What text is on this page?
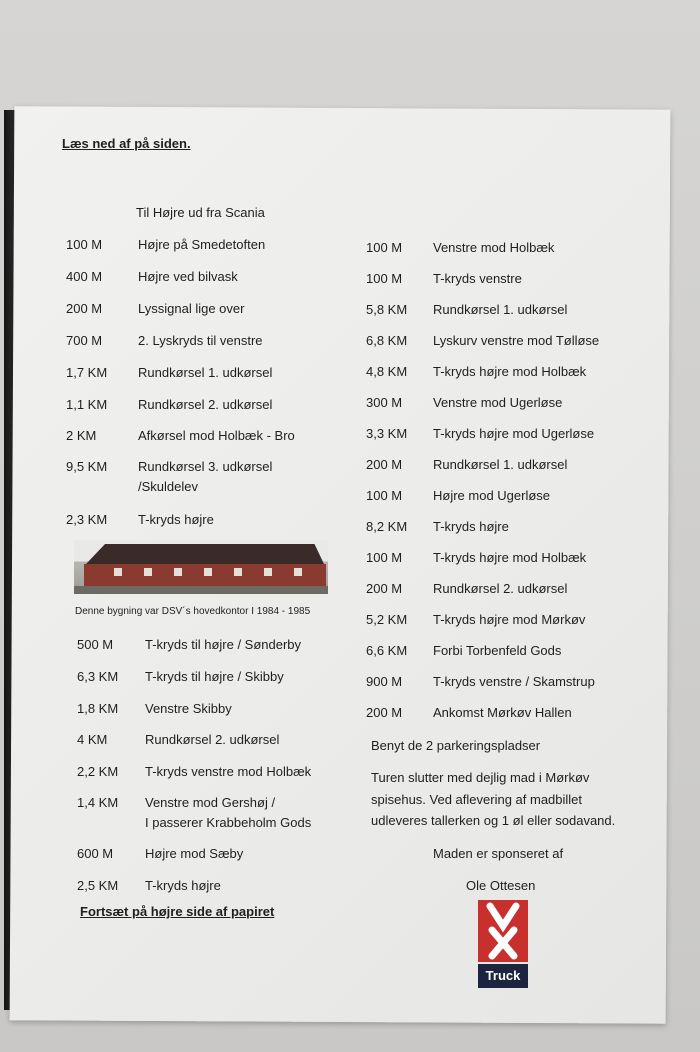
Læs ned af på siden.
Til Højre ud fra Scania
100 M	Højre på Smedetoften
400 M	Højre ved bilvask
200 M	Lyssignal lige over
700 M	2. Lyskryds til venstre
1,7 KM Rundkørsel 1. udkørsel
1,1 KM Rundkørsel 2. udkørsel
2 KM	Afkørsel mod Holbæk - Bro
9,5 KM Rundkørsel 3. udkørsel
/Skuldelev
2,3 KM T-kryds højre
Denne bygning var DSV´s hovedkontor I 1984 - 1985
500 M T-kryds til højre / Sønderby
6,3 KM T-kryds til højre / Skibby
1,8 KM Venstre Skibby
4 KM	Rundkørsel 2. udkørsel
2,2 KM T-kryds venstre mod Holbæk
1,4 KM Venstre mod Gershøj /
I passerer Krabbeholm Gods
600 M Højre mod Sæby
2,5 KM T-kryds højre
Fortsæt på højre side af papiret
100 M Venstre mod Holbæk
100 M T-kryds venstre
5,8 KM Rundkørsel 1. udkørsel
6,8 KM Lyskurv venstre mod Tølløse
4,8 KM T-kryds højre mod Holbæk
300 M Venstre mod Ugerløse
3,3 KM T-kryds højre mod Ugerløse
200 M Rundkørsel 1. udkørsel
100 M Højre mod Ugerløse
8,2 KM T-kryds højre
100 M T-kryds højre mod Holbæk
200 M Rundkørsel 2. udkørsel
5,2 KM T-kryds højre mod Mørkøv
6,6 KM Forbi Torbenfeld Gods
900 M T-kryds venstre / Skamstrup
200 M Ankomst Mørkøv Hallen
Benyt de 2 parkeringspladser
Turen slutter med dejlig mad i Mørkøv
spisehus. Ved aflevering af madbillet
udleveres tallerken og 1 øl eller sodavand.
Maden er sponseret af
Ole Ottesen
Truck
